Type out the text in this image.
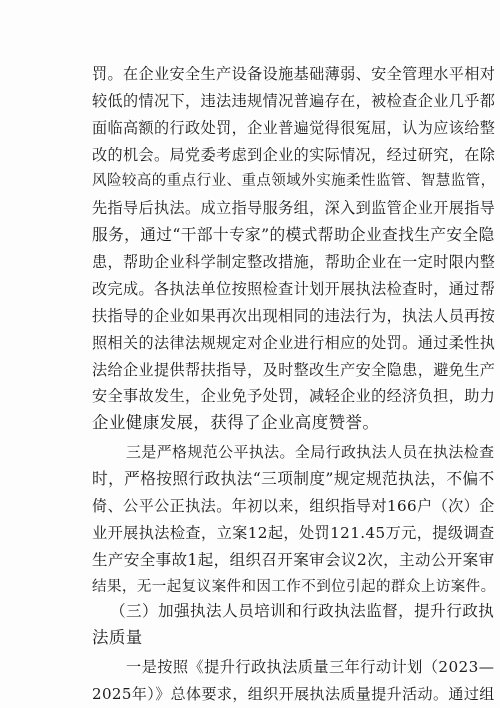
罚。在企业安全生产设备设施基础薄弱、安全管理水平相对
较低的情况下，违法违规情况普遍存在，被检查企业几乎都
面临高额的行政处罚，企业普遍觉得很冤屈，认为应该给整
改的机会。局党委考虑到企业的实际情况，经过研究，在除
风险较高的重点行业、重点领域外实施柔性监管、智慧监管，
先指导后执法。成立指导服务组，深入到监管企业开展指导
服务，通过“干部十专家”的模式帮助企业查找生产安全隐
患，帮助企业科学制定整改措施，帮助企业在一定时限内整
改完成。各执法单位按照检查计划开展执法检查时，通过帮
扶指导的企业如果再次出现相同的违法行为，执法人员再按
照相关的法律法规规定对企业进行相应的处罚。通过柔性执
法给企业提供帮扶指导，及时整改生产安全隐患，避免生产
安全事故发生，企业免予处罚，减轻企业的经济负担，助力
企业健康发展，获得了企业高度赞誉。
三是严格规范公平执法。全局行政执法人员在执法检查
时，严格按照行政执法“三项制度”规定规范执法，不偏不
倚、公平公正执法。年初以来，组织指导对166户（次）企
业开展执法检查，立案12起，处罚121.45万元，提级调查
生产安全事故1起，组织召开案审会议2次，主动公开案审
结果，无一起复议案件和因工作不到位引起的群众上访案件。
（三）加强执法人员培训和行政执法监督，提升行政执
法质量
一是按照《提升行政执法质量三年行动计划（2023—
2025年）》总体要求，组织开展执法质量提升活动。通过组
